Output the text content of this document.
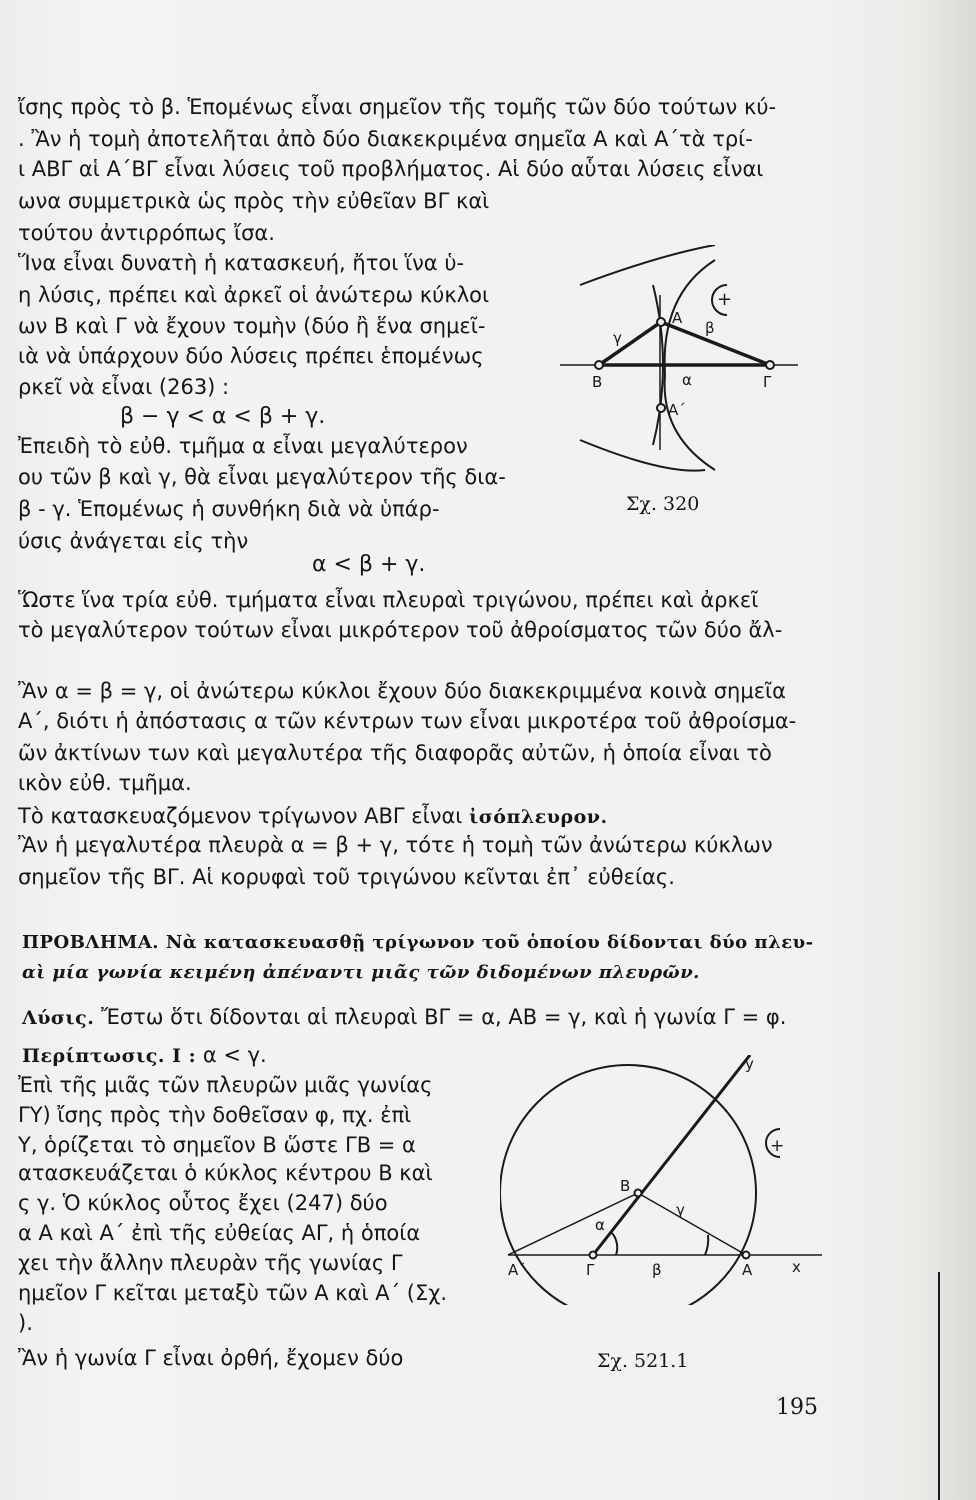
ἴσης πρὸς τὸ β. Ἑπομένως εἶναι σημεῖον τῆς τομῆς τῶν δύο τούτων κύ-
. Ἂν ἡ τομὴ ἀποτελῆται ἀπὸ δύο διακεκριμένα σημεῖα Α καὶ Α΄τὰ τρί-
ι ΑΒΓ αἱ Α΄ΒΓ εἶναι λύσεις τοῦ προβλήματος. Αἱ δύο αὗται λύσεις εἶναι
ωνα συμμετρικὰ ὡς πρὸς τὴν εὐθεῖαν ΒΓ καὶ
τούτου ἀντιρρόπως ἴσα.
Ἵνα εἶναι δυνατὴ ἡ κατασκευή, ἤτοι ἵνα ὑ-
η λύσις, πρέπει καὶ ἀρκεῖ οἱ ἀνώτερω κύκλοι
ων Β καὶ Γ νὰ ἔχουν τομὴν (δύο ἢ ἕνα σημεῖ-
ιὰ νὰ ὑπάρχουν δύο λύσεις πρέπει ἑπομένως
ρκεῖ νὰ εἶναι (263) :
β − γ < α < β + γ.
Ἐπειδὴ τὸ εὐθ. τμῆμα α εἶναι μεγαλύτερον
ου τῶν β καὶ γ, θὰ εἶναι μεγαλύτερον τῆς δια-
β - γ. Ἑπομένως ἡ συνθήκη διὰ νὰ ὑπάρ-
ύσις ἀνάγεται εἰς τὴν
α < β + γ.
Ὥστε ἵνα τρία εὐθ. τμήματα εἶναι πλευραὶ τριγώνου, πρέπει καὶ ἀρκεῖ
τὸ μεγαλύτερον τούτων εἶναι μικρότερον τοῦ ἀθροίσματος τῶν δύο ἄλ-
Ἂν α = β = γ, οἱ ἀνώτερω κύκλοι ἔχουν δύο διακεκριμμένα κοινὰ σημεῖα
Α΄, διότι ἡ ἀπόστασις α τῶν κέντρων των εἶναι μικροτέρα τοῦ ἀθροίσμα-
ῶν ἀκτίνων των καὶ μεγαλυτέρα τῆς διαφορᾶς αὐτῶν, ἡ ὁποία εἶναι τὸ
ικὸν εὐθ. τμῆμα.
Τὸ κατασκευαζόμενον τρίγωνον ΑΒΓ εἶναι ἰσόπλευρον.
Ἂν ἡ μεγαλυτέρα πλευρὰ α = β + γ, τότε ἡ τομὴ τῶν ἀνώτερω κύκλων
σημεῖον τῆς ΒΓ. Αἱ κορυφαὶ τοῦ τριγώνου κεῖνται ἐπ᾿ εὐθείας.
ΠΡΟΒΛΗΜΑ. Νὰ κατασκευασθῇ τρίγωνον τοῦ ὁποίου δίδονται δύο πλευ-
αὶ μία γωνία κειμένη ἀπέναντι μιᾶς τῶν διδομένων πλευρῶν.
Λύσις. Ἔστω ὅτι δίδονται αἱ πλευραὶ ΒΓ = α, ΑΒ = γ, καὶ ἡ γωνία Γ = φ.
Περίπτωσις. Ι : α < γ.
Ἐπὶ τῆς μιᾶς τῶν πλευρῶν μιᾶς γωνίας
ΓΥ) ἴσης πρὸς τὴν δοθεῖσαν φ, πχ. ἐπὶ
Υ, ὁρίζεται τὸ σημεῖον Β ὥστε ΓΒ = α
ατασκευάζεται ὁ κύκλος κέντρου Β καὶ
ς γ. Ὁ κύκλος οὗτος ἔχει (247) δύο
α Α καὶ Α΄ ἐπὶ τῆς εὐθείας ΑΓ, ἡ ὁποία
χει τὴν ἄλλην πλευρὰν τῆς γωνίας Γ
ημεῖον Γ κεῖται μεταξὺ τῶν Α καὶ Α΄ (Σχ.
).
Ἂν ἡ γωνία Γ εἶναι ὀρθή, ἔχομεν δύο
Α
Α΄
Β	Γ
α
β
γ
+
Σχ. 320
y
Β
γ
α
Α΄	Γ	β	Α	x
+
Σχ. 521.1
195
